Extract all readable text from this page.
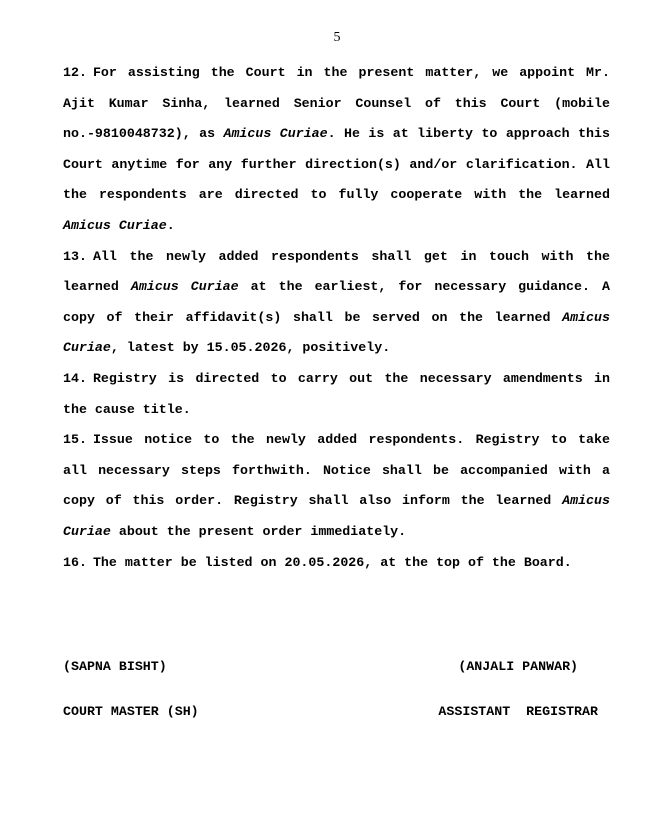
5

12. For assisting the Court in the present matter, we appoint Mr. Ajit Kumar Sinha, learned Senior Counsel of this Court (mobile no.-9810048732), as Amicus Curiae. He is at liberty to approach this Court anytime for any further direction(s) and/or clarification. All the respondents are directed to fully cooperate with the learned Amicus Curiae.

13. All the newly added respondents shall get in touch with the learned Amicus Curiae at the earliest, for necessary guidance. A copy of their affidavit(s) shall be served on the learned Amicus Curiae, latest by 15.05.2026, positively.

14. Registry is directed to carry out the necessary amendments in the cause title.

15. Issue notice to the newly added respondents. Registry to take all necessary steps forthwith. Notice shall be accompanied with a copy of this order. Registry shall also inform the learned Amicus Curiae about the present order immediately.

16. The matter be listed on 20.05.2026, at the top of the Board.

(SAPNA BISHT)

COURT MASTER (SH)

(ANJALI PANWAR)

ASSISTANT  REGISTRAR
